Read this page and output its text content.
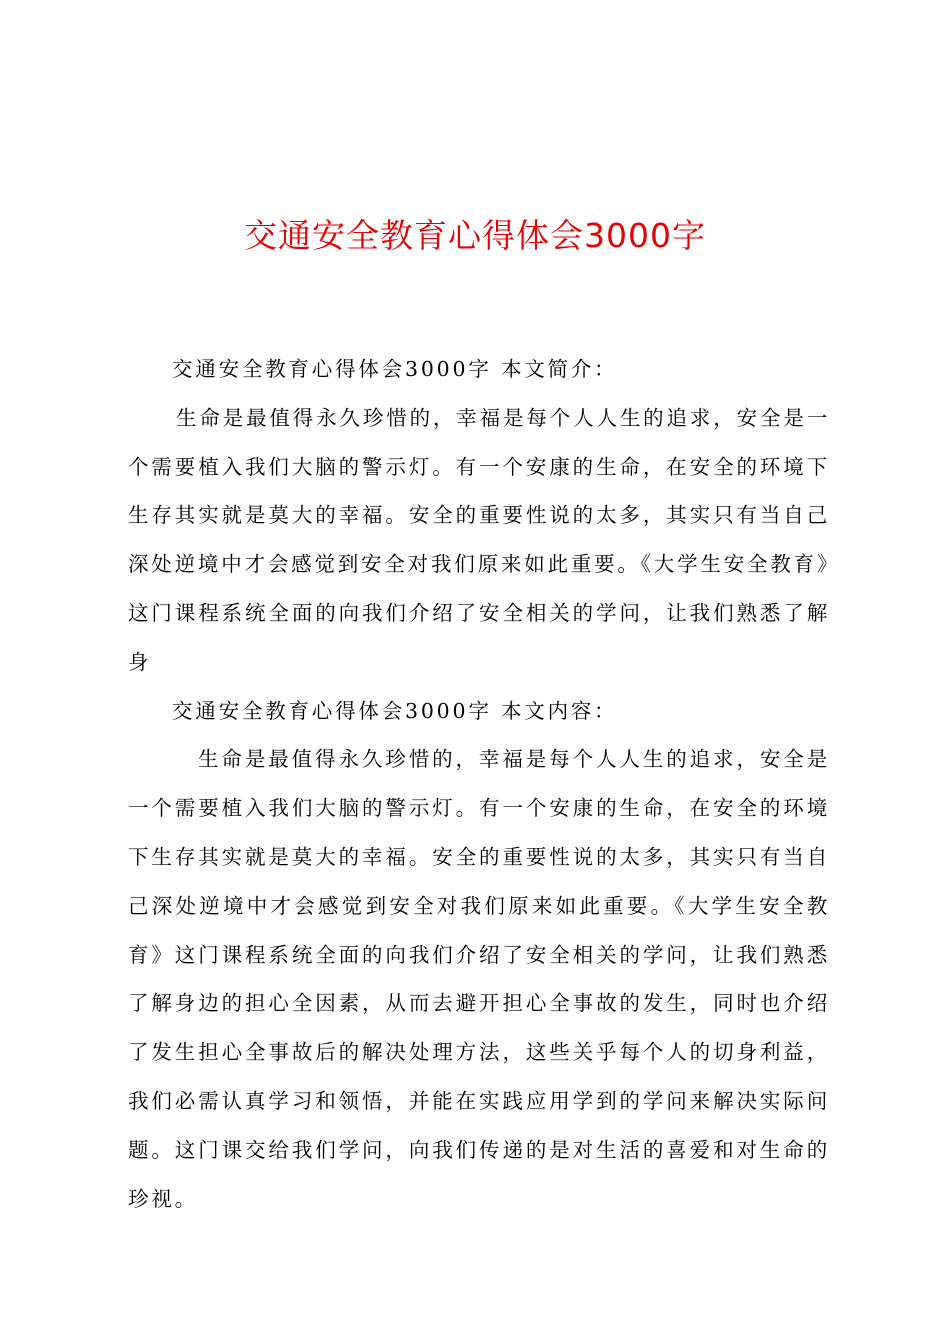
交通安全教育心得体会3000字

交通安全教育心得体会3000字 本文简介：

生命是最值得永久珍惜的，幸福是每个人人生的追求，安全是一个需要植入我们大脑的警示灯。有一个安康的生命，在安全的环境下生存其实就是莫大的幸福。安全的重要性说的太多，其实只有当自己深处逆境中才会感觉到安全对我们原来如此重要。《大学生安全教育》这门课程系统全面的向我们介绍了安全相关的学问，让我们熟悉了解身

交通安全教育心得体会3000字 本文内容：

生命是最值得永久珍惜的，幸福是每个人人生的追求，安全是一个需要植入我们大脑的警示灯。有一个安康的生命，在安全的环境下生存其实就是莫大的幸福。安全的重要性说的太多，其实只有当自己深处逆境中才会感觉到安全对我们原来如此重要。《大学生安全教育》这门课程系统全面的向我们介绍了安全相关的学问，让我们熟悉了解身边的担心全因素，从而去避开担心全事故的发生，同时也介绍了发生担心全事故后的解决处理方法，这些关乎每个人的切身利益，我们必需认真学习和领悟，并能在实践应用学到的学问来解决实际问题。这门课交给我们学问，向我们传递的是对生活的喜爱和对生命的珍视。
